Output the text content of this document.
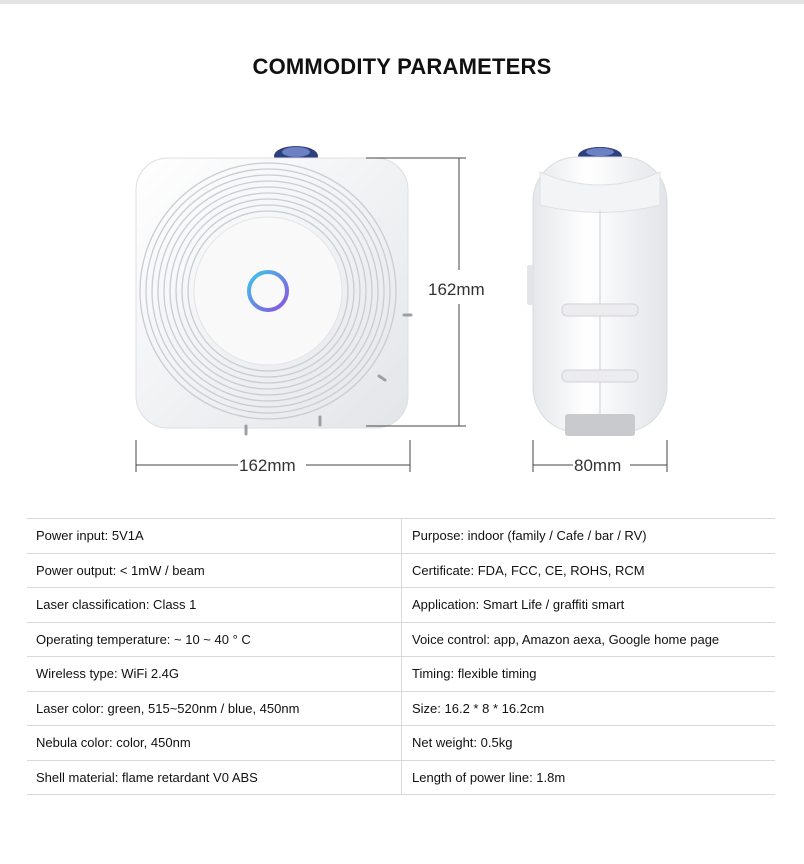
COMMODITY PARAMETERS
162mm
162mm	80mm
Power input: 5V1A	Purpose: indoor (family / Cafe / bar / RV)
Power output: < 1mW / beam	Certificate: FDA, FCC, CE, ROHS, RCM
Laser classification: Class 1	Application: Smart Life / graffiti smart
Operating temperature: ~ 10 ~ 40 ° C	Voice control: app, Amazon aexa, Google home page
Wireless type: WiFi 2.4G	Timing: flexible timing
Laser color: green, 515~520nm / blue, 450nm	Size: 16.2 * 8 * 16.2cm
Nebula color: color, 450nm	Net weight: 0.5kg
Shell material: flame retardant V0 ABS	Length of power line: 1.8m
